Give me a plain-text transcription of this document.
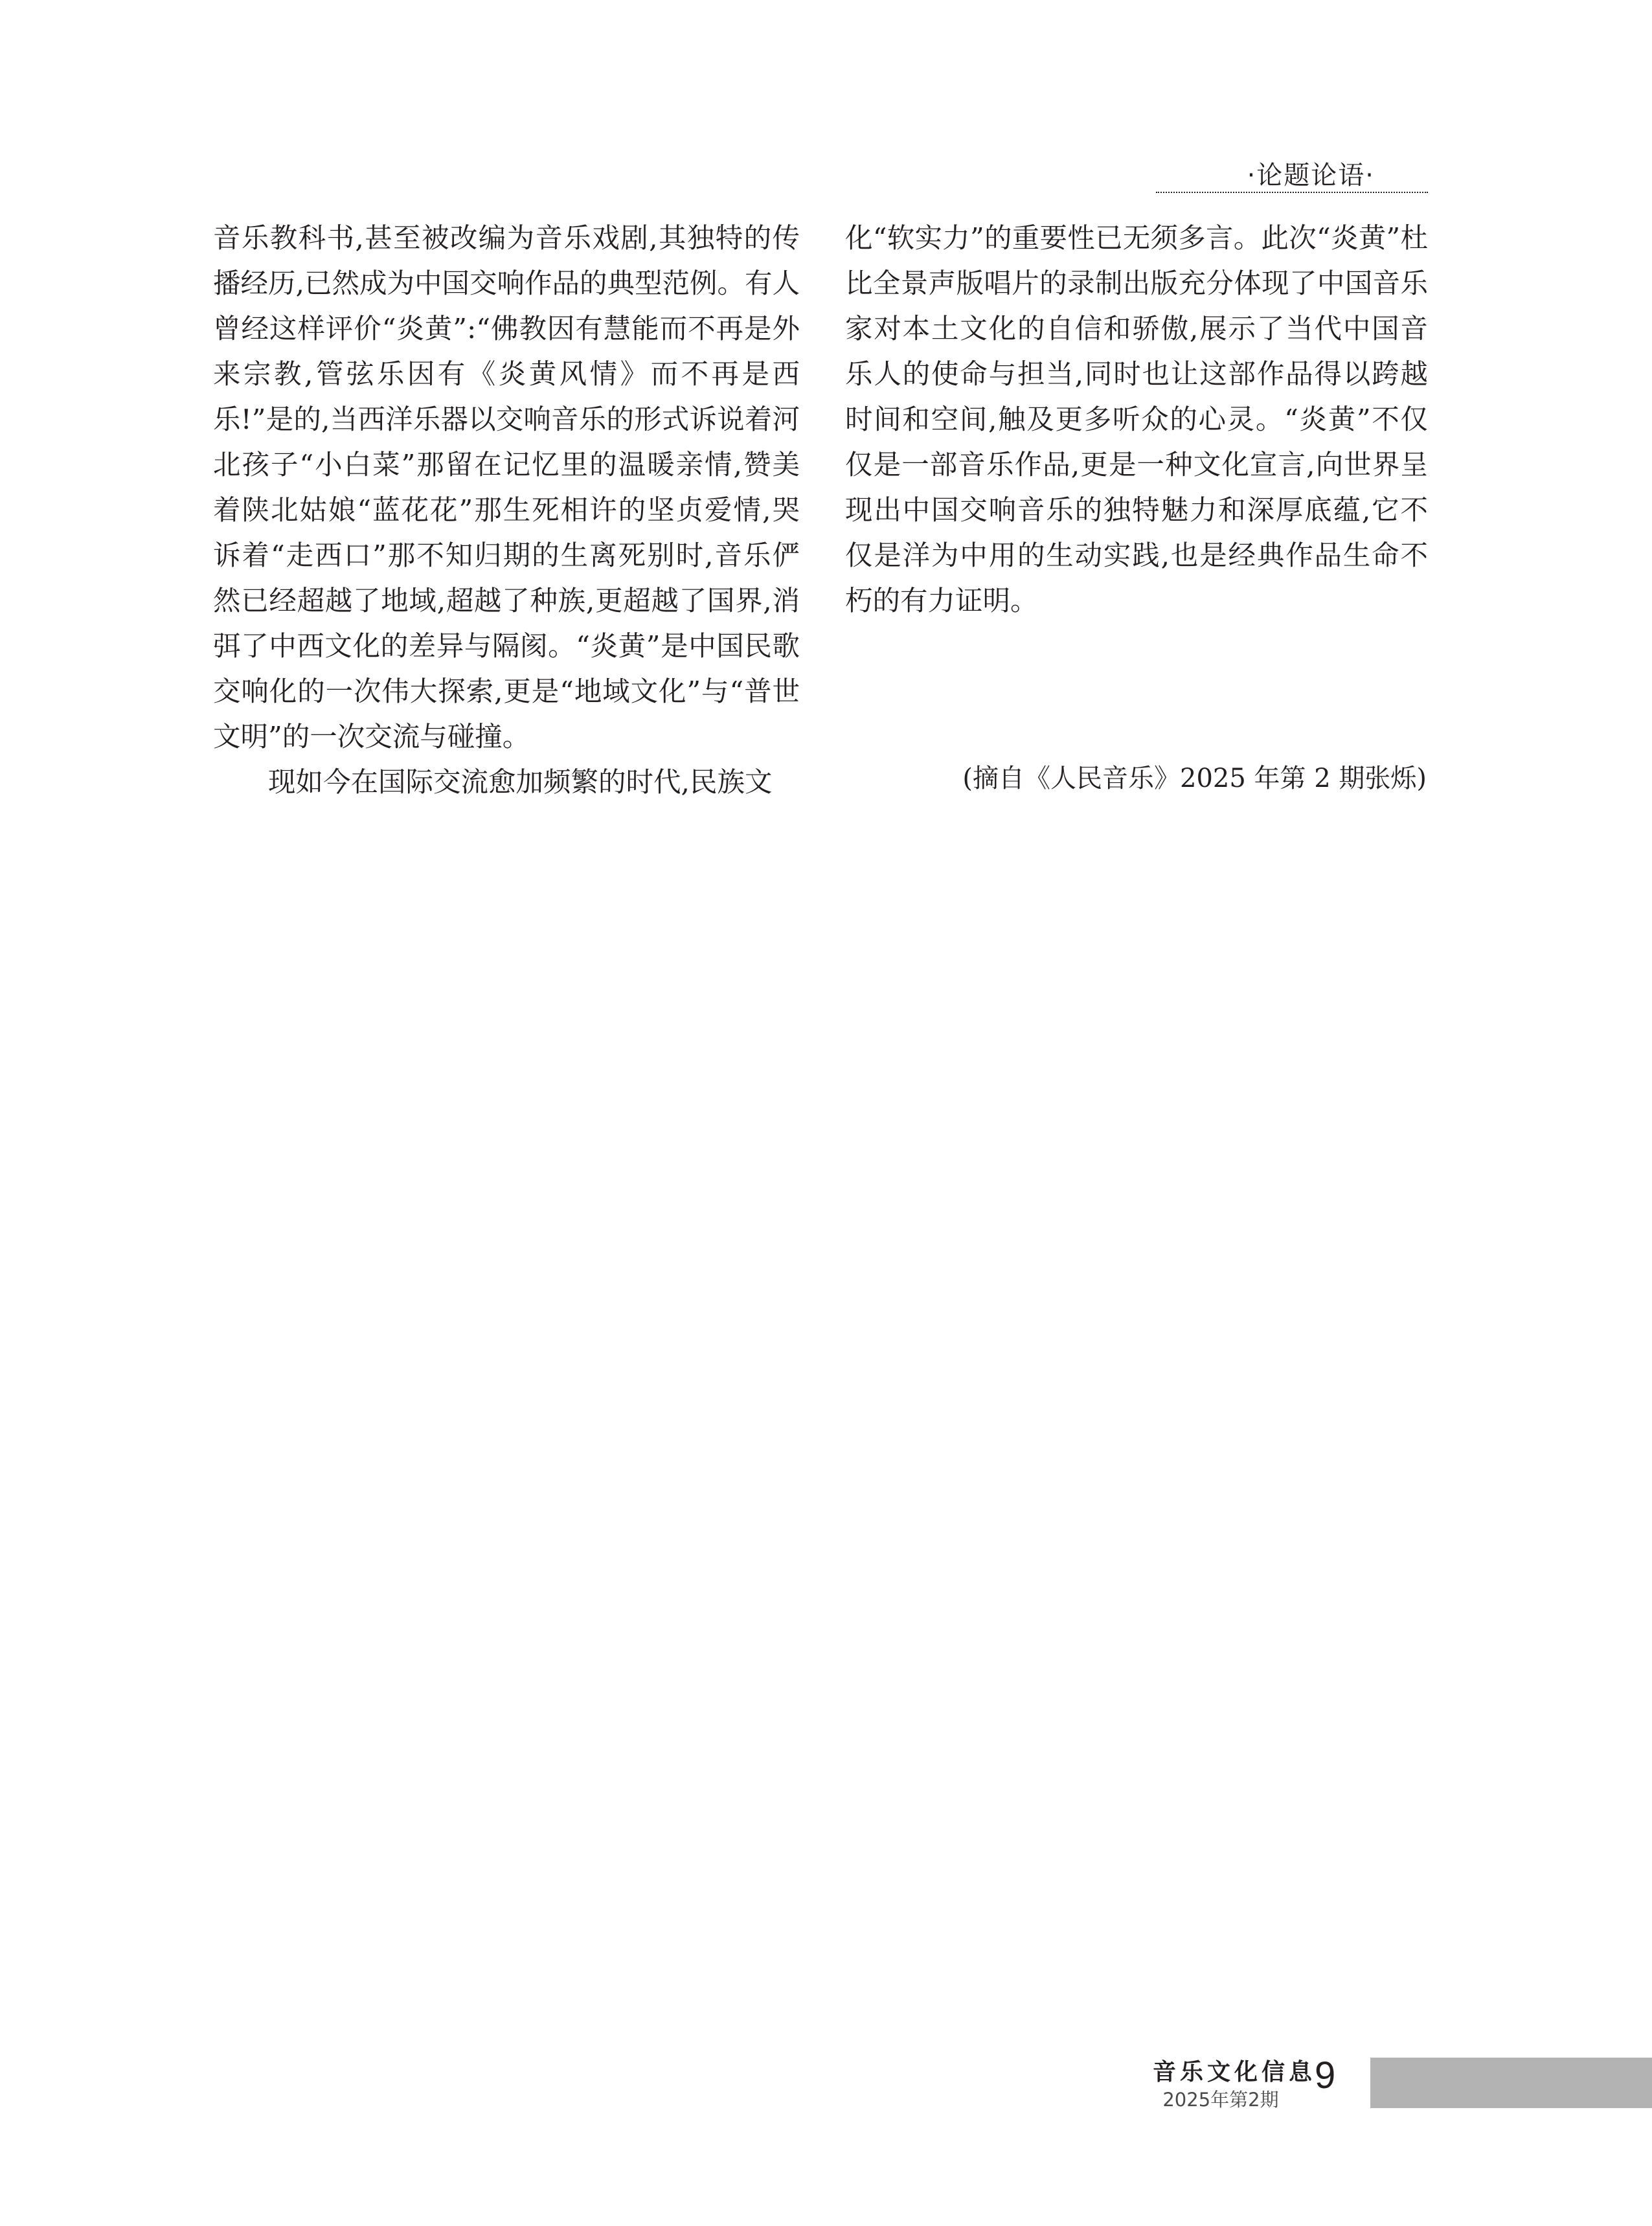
·论题论语·

音乐教科书,甚至被改编为音乐戏剧,其独特的传播经历,已然成为中国交响作品的典型范例。有人曾经这样评价“炎黄”:“佛教因有慧能而不再是外来宗教,管弦乐因有《炎黄风情》而不再是西乐!”是的,当西洋乐器以交响音乐的形式诉说着河北孩子“小白菜”那留在记忆里的温暖亲情,赞美着陕北姑娘“蓝花花”那生死相许的坚贞爱情,哭诉着“走西口”那不知归期的生离死别时,音乐俨然已经超越了地域,超越了种族,更超越了国界,消弭了中西文化的差异与隔阂。“炎黄”是中国民歌交响化的一次伟大探索,更是“地域文化”与“普世文明”的一次交流与碰撞。

现如今在国际交流愈加频繁的时代,民族文

化“软实力”的重要性已无须多言。此次“炎黄”杜比全景声版唱片的录制出版充分体现了中国音乐家对本土文化的自信和骄傲,展示了当代中国音乐人的使命与担当,同时也让这部作品得以跨越时间和空间,触及更多听众的心灵。“炎黄”不仅仅是一部音乐作品,更是一种文化宣言,向世界呈现出中国交响音乐的独特魅力和深厚底蕴,它不仅是洋为中用的生动实践,也是经典作品生命不朽的有力证明。

(摘自《人民音乐》2025 年第 2 期张烁)
音乐文化信息
2025年第2期
9
